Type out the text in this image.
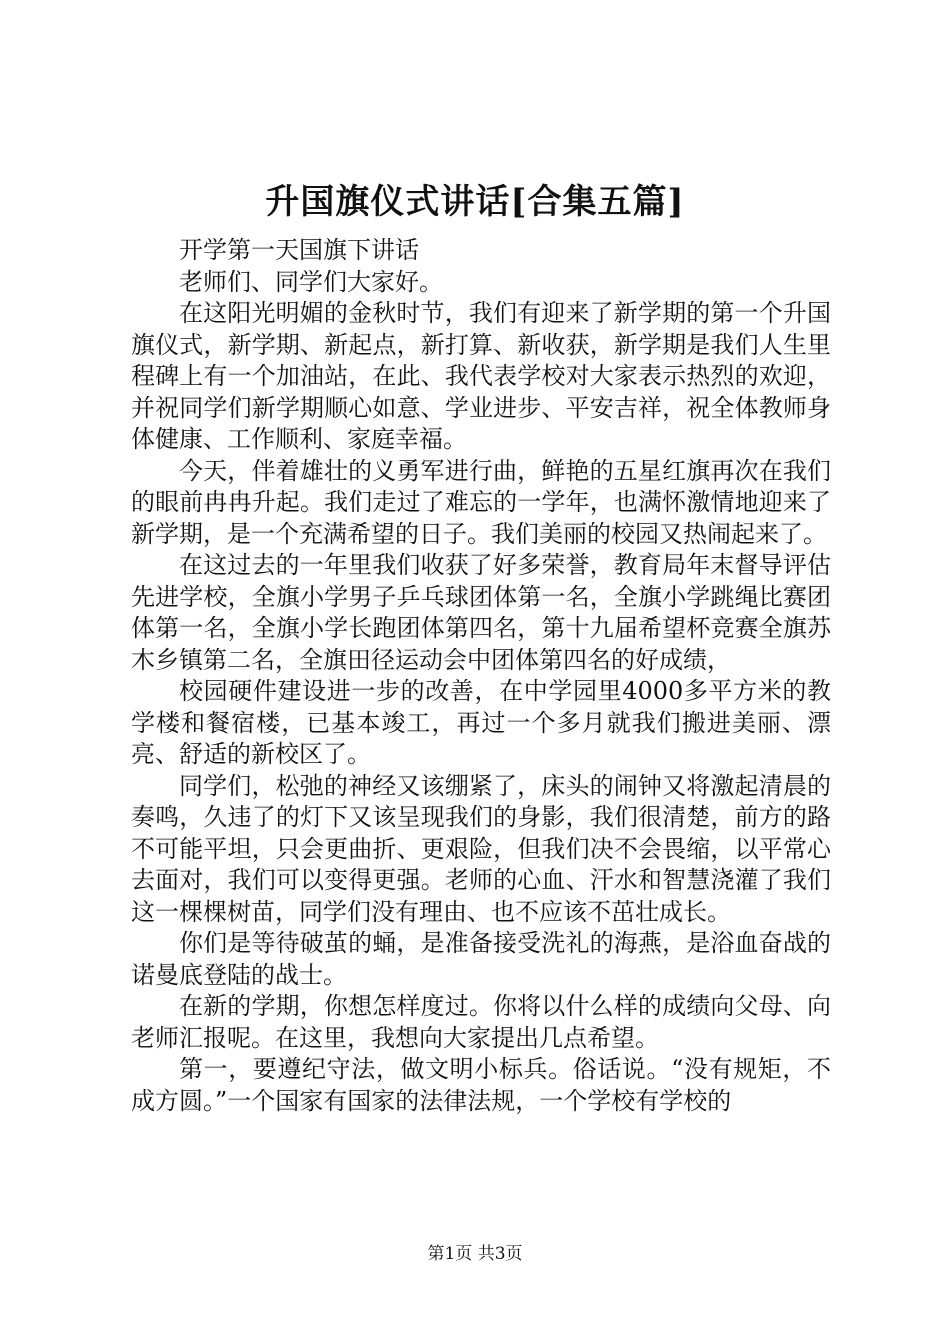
升国旗仪式讲话[合集五篇]

开学第一天国旗下讲话

老师们、同学们大家好。

在这阳光明媚的金秋时节，我们有迎来了新学期的第一个升国旗仪式，新学期、新起点，新打算、新收获，新学期是我们人生里程碑上有一个加油站，在此、我代表学校对大家表示热烈的欢迎，并祝同学们新学期顺心如意、学业进步、平安吉祥，祝全体教师身体健康、工作顺利、家庭幸福。

今天，伴着雄壮的义勇军进行曲，鲜艳的五星红旗再次在我们的眼前冉冉升起。我们走过了难忘的一学年，也满怀激情地迎来了新学期，是一个充满希望的日子。我们美丽的校园又热闹起来了。

在这过去的一年里我们收获了好多荣誉，教育局年末督导评估先进学校，全旗小学男子乒乓球团体第一名，全旗小学跳绳比赛团体第一名，全旗小学长跑团体第四名，第十九届希望杯竞赛全旗苏木乡镇第二名，全旗田径运动会中团体第四名的好成绩，

校园硬件建设进一步的改善，在中学园里4000多平方米的教学楼和餐宿楼，已基本竣工，再过一个多月就我们搬进美丽、漂亮、舒适的新校区了。

同学们，松弛的神经又该绷紧了，床头的闹钟又将激起清晨的奏鸣，久违了的灯下又该呈现我们的身影，我们很清楚，前方的路不可能平坦，只会更曲折、更艰险，但我们决不会畏缩，以平常心去面对，我们可以变得更强。老师的心血、汗水和智慧浇灌了我们这一棵棵树苗，同学们没有理由、也不应该不茁壮成长。

你们是等待破茧的蛹，是准备接受洗礼的海燕，是浴血奋战的诺曼底登陆的战士。

在新的学期，你想怎样度过。你将以什么样的成绩向父母、向老师汇报呢。在这里，我想向大家提出几点希望。

第一，要遵纪守法，做文明小标兵。俗话说。“没有规矩，不成方圆。”一个国家有国家的法律法规，一个学校有学校的

第1页 共3页
